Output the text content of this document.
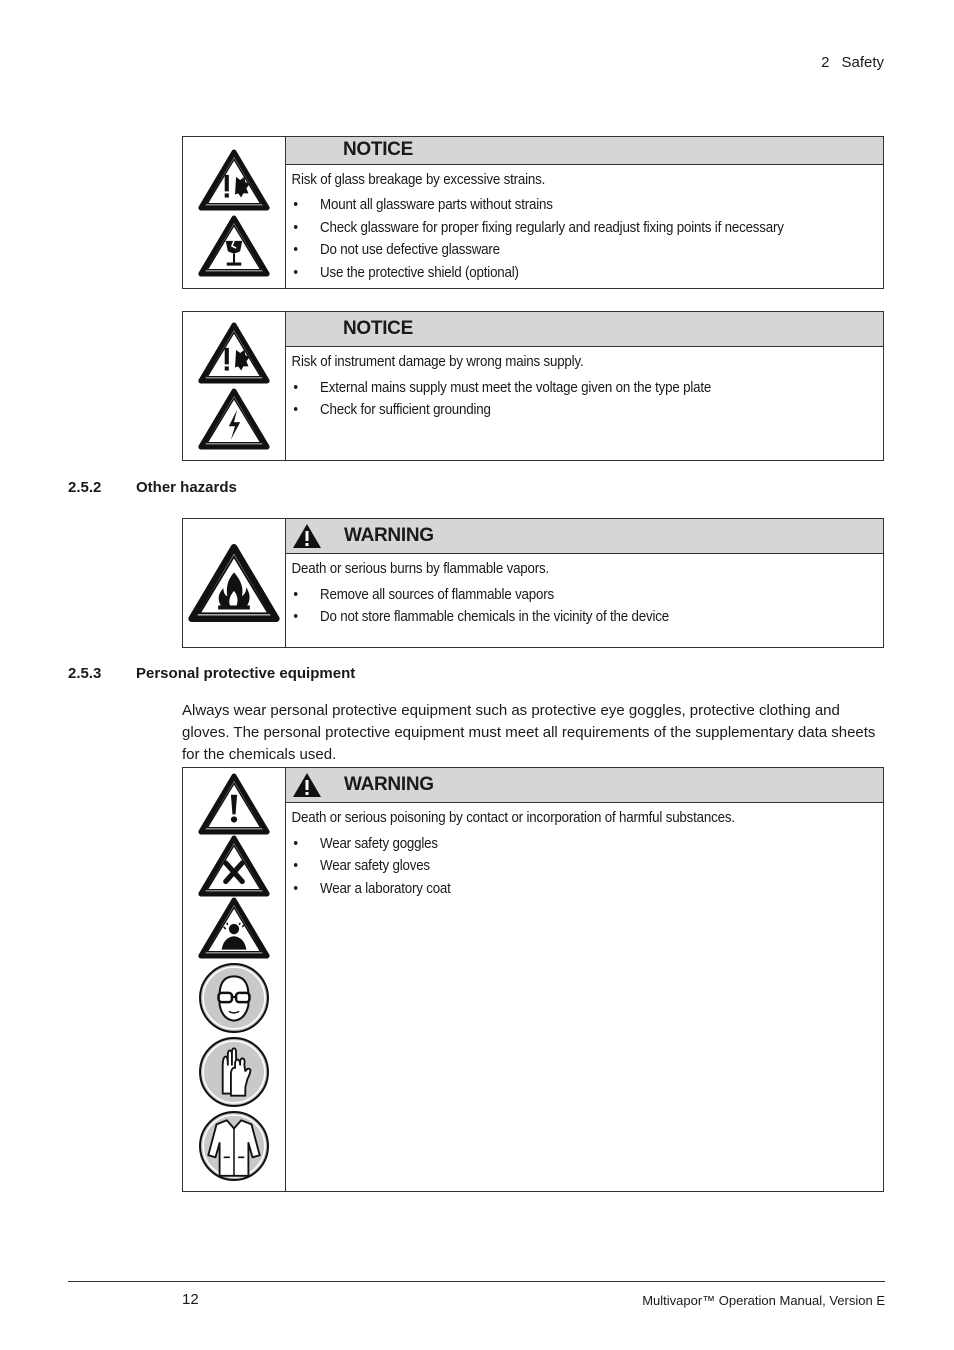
2 Safety
NOTICE
Risk of glass breakage by excessive strains.
• Mount all glassware parts without strains
• Check glassware for proper fixing regularly and readjust fixing points if necessary
• Do not use defective glassware
• Use the protective shield (optional)
NOTICE
Risk of instrument damage by wrong mains supply.
• External mains supply must meet the voltage given on the type plate
• Check for sufficient grounding
2.5.2 Other hazards
WARNING
Death or serious burns by flammable vapors.
• Remove all sources of flammable vapors
• Do not store flammable chemicals in the vicinity of the device
2.5.3 Personal protective equipment
Always wear personal protective equipment such as protective eye goggles, protective clothing and gloves. The personal protective equipment must meet all requirements of the supplementary data sheets for the chemicals used.
WARNING
Death or serious poisoning by contact or incorporation of harmful substances.
• Wear safety goggles
• Wear safety gloves
• Wear a laboratory coat
12	Multivapor™ Operation Manual, Version E
